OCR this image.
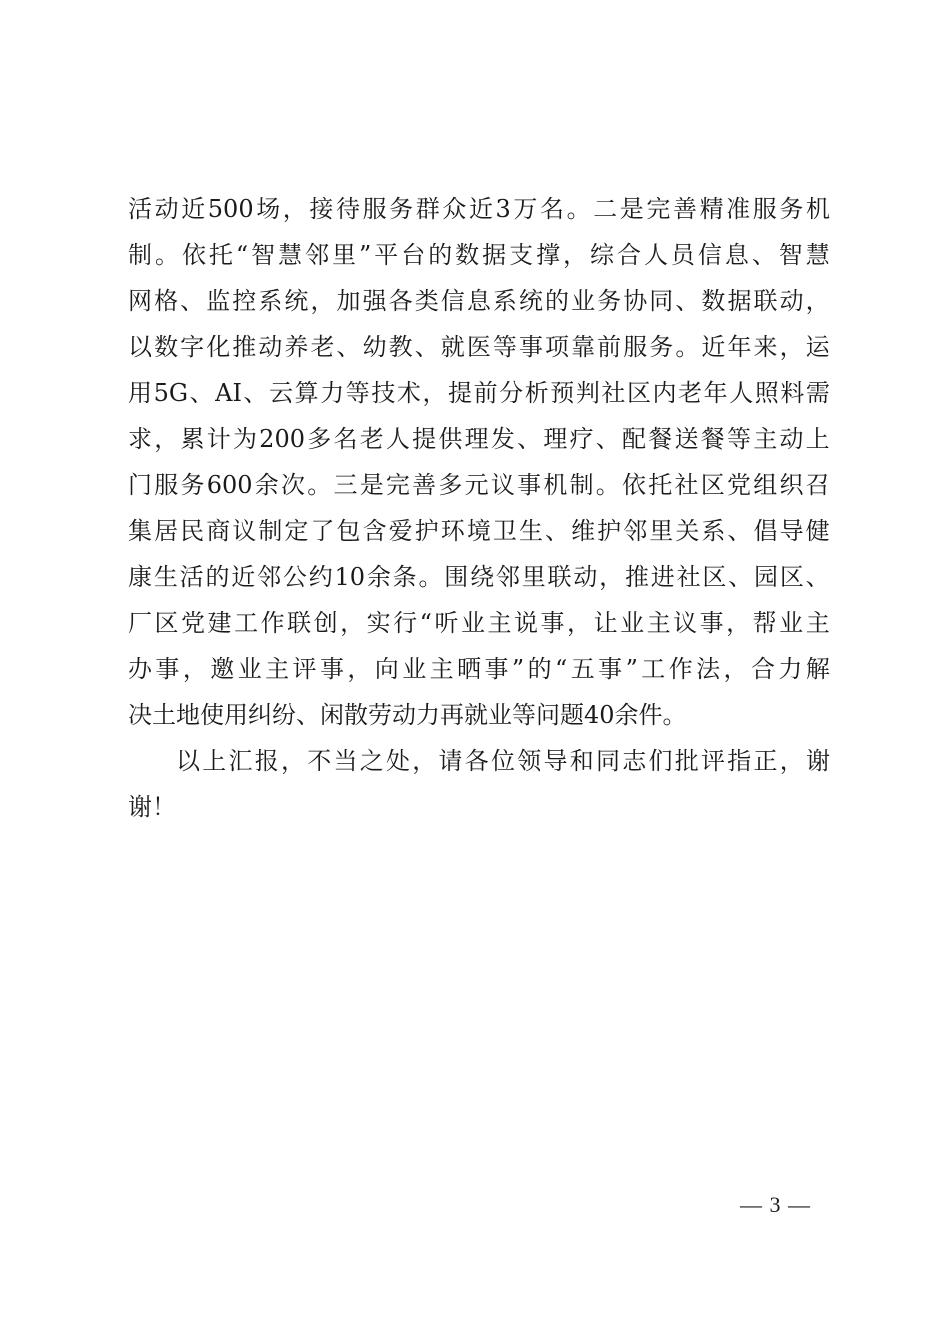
活 动 近 500 场 ， 接 待 服 务 群 众 近 3 万 名 。 二 是 完 善 精 准 服 务 机
制 。 依 托 “ 智 慧 邻 里 ” 平 台 的 数 据 支 撑 ， 综 合 人 员 信 息 、 智 慧
网 格 、 监 控 系 统 ， 加 强 各 类 信 息 系 统 的 业 务 协 同 、 数 据 联 动 ，
以 数 字 化 推 动 养 老 、 幼 教 、 就 医 等 事 项 靠 前 服 务 。 近 年 来 ， 运
用 5G 、 AI 、 云 算 力 等 技 术 ， 提 前 分 析 预 判 社 区 内 老 年 人 照 料 需
求 ， 累 计 为 200 多 名 老 人 提 供 理 发 、 理 疗 、 配 餐 送 餐 等 主 动 上
门 服 务 600 余 次 。 三 是 完 善 多 元 议 事 机 制 。 依 托 社 区 党 组 织 召
集 居 民 商 议 制 定 了 包 含 爱 护 环 境 卫 生 、 维 护 邻 里 关 系 、 倡 导 健
康 生 活 的 近 邻 公 约 10 余 条 。 围 绕 邻 里 联 动 ， 推 进 社 区 、 园 区 、
厂 区 党 建 工 作 联 创 ， 实 行 “ 听 业 主 说 事 ， 让 业 主 议 事 ， 帮 业 主
办 事 ， 邀 业 主 评 事 ， 向 业 主 晒 事 ” 的 “ 五 事 ” 工 作 法 ， 合 力 解
决土地使用纠纷、闲散劳动力再就业等问题40余件。
以 上 汇 报 ， 不 当 之 处 ， 请 各 位 领 导 和 同 志 们 批 评 指 正 ， 谢
谢！
— 3 —
